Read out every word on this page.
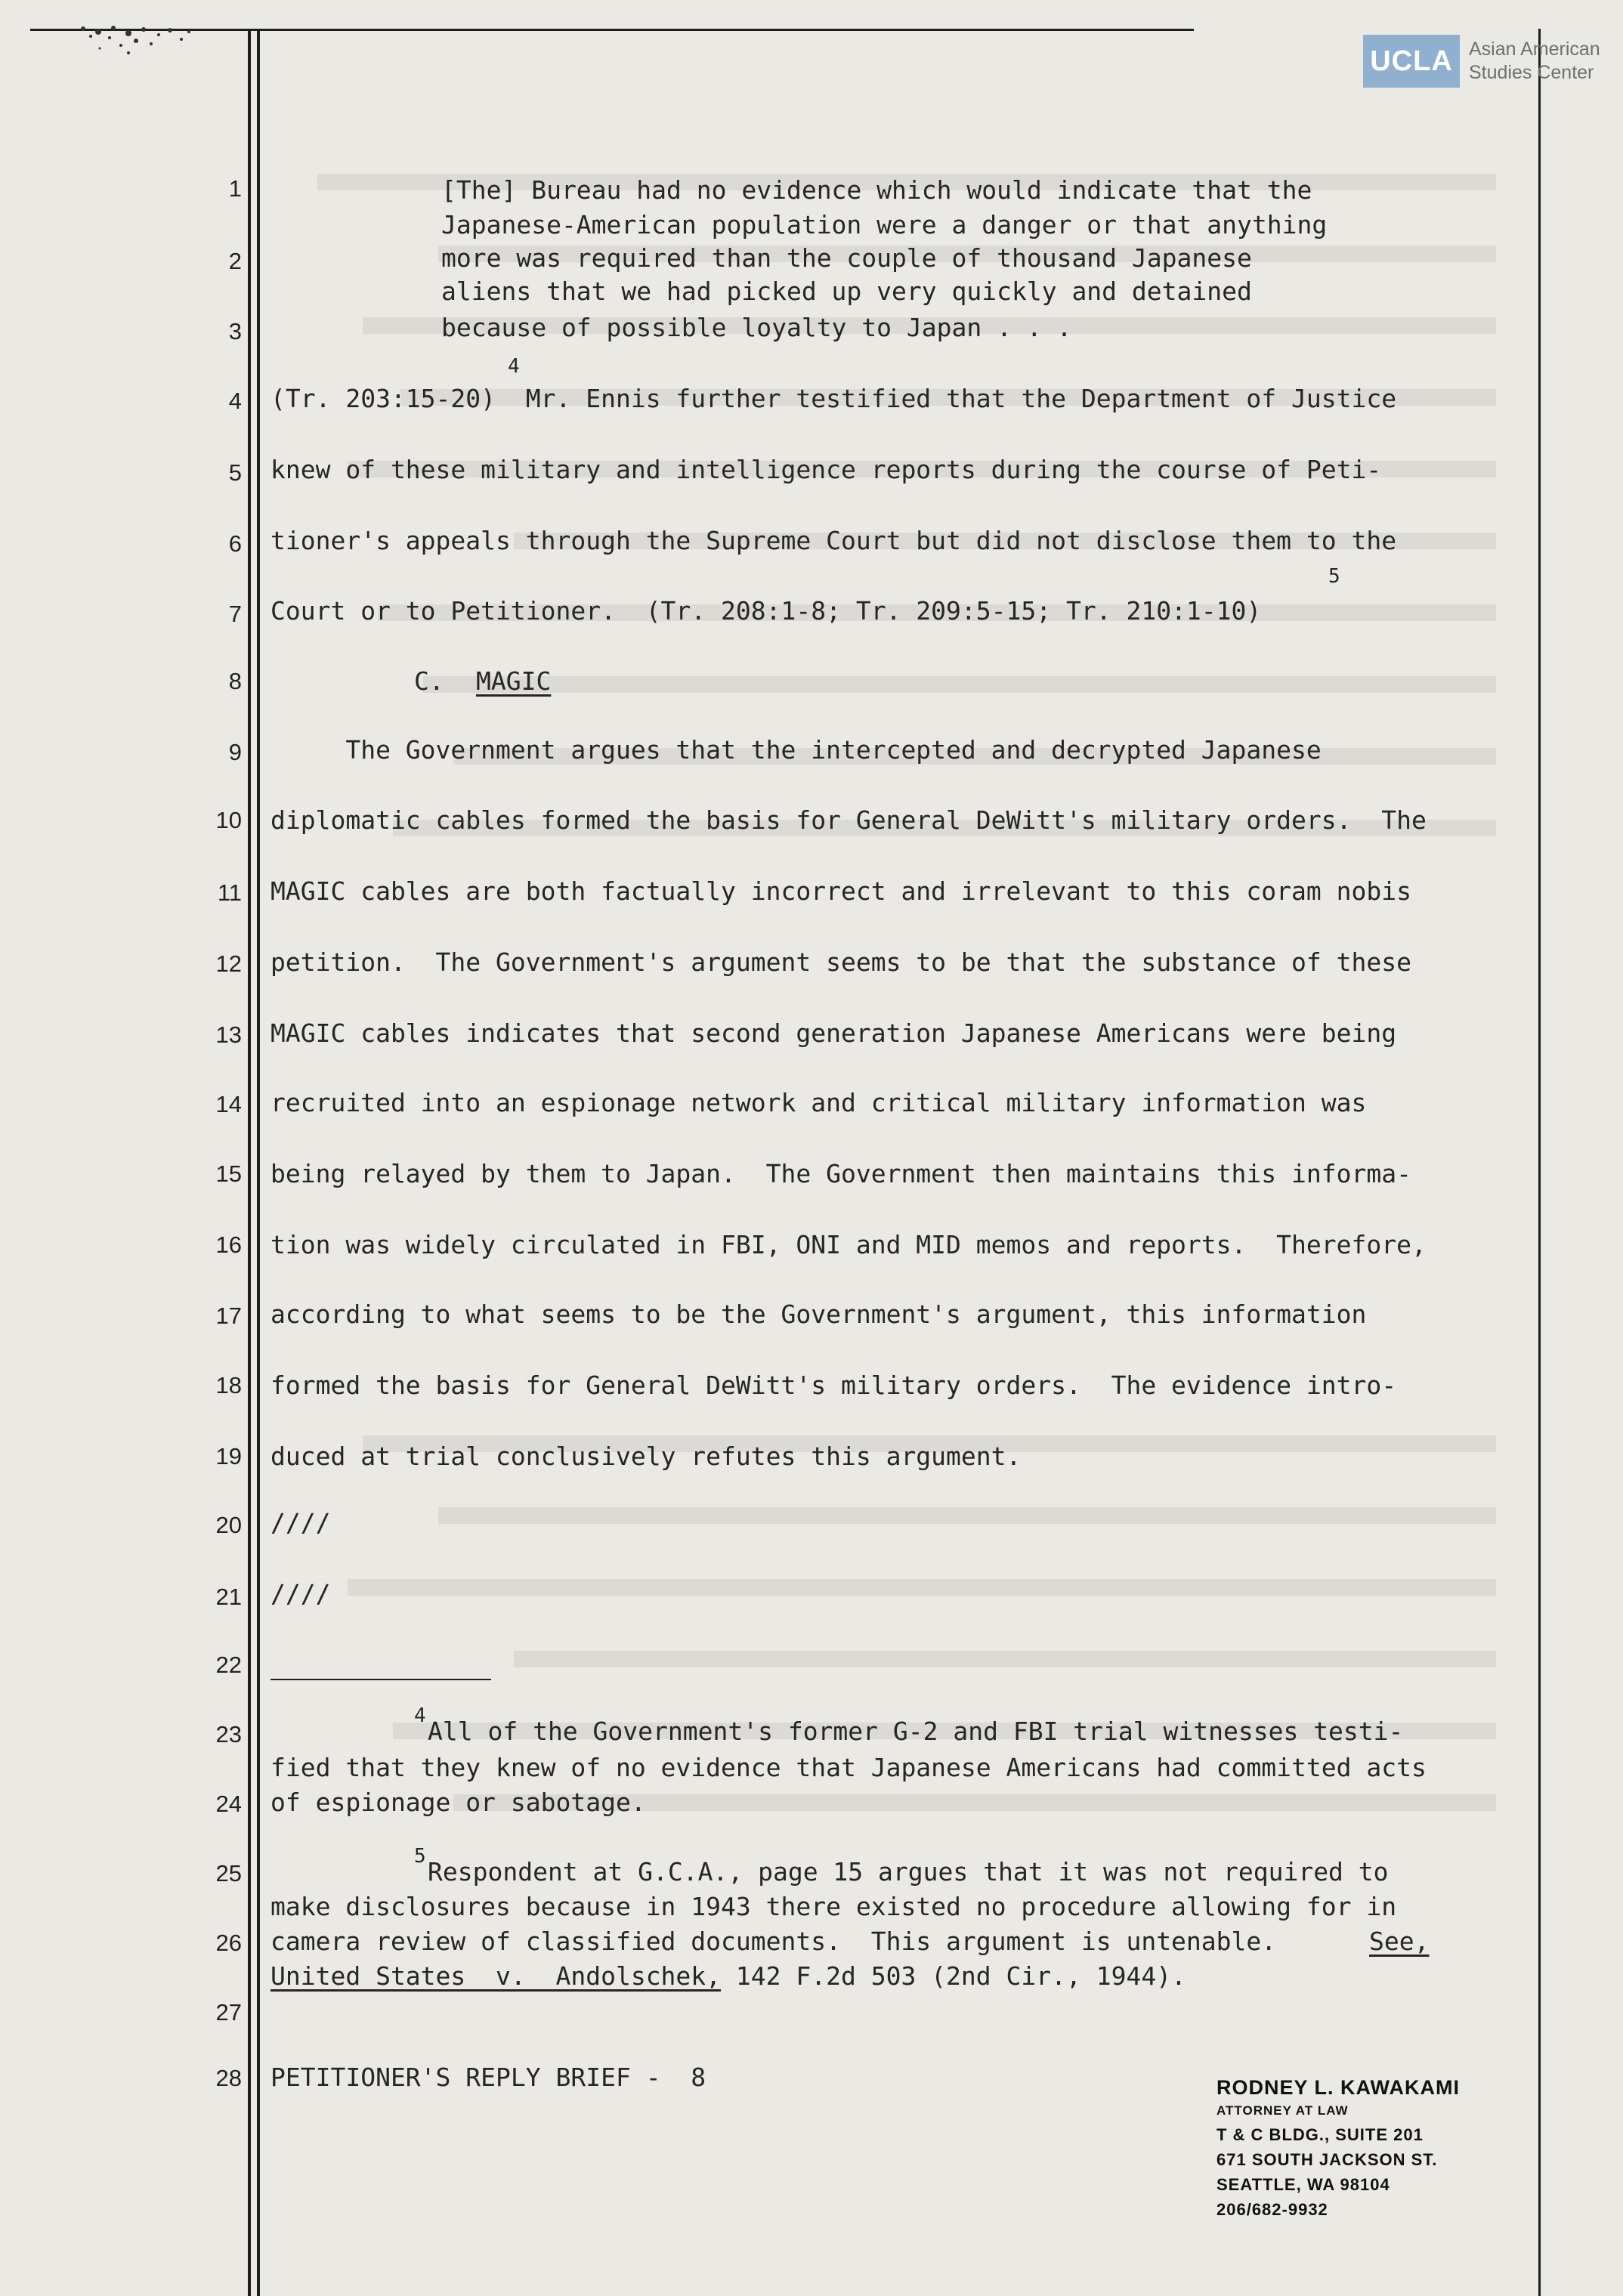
UCLA Asian American
Studies Center
1
2
3
4
5
6
7
8
9
10
11
12
13
14
15
16
17
18
19
20
21
22
23
24
25
26
27
28
[The] Bureau had no evidence which would indicate that the
Japanese-American population were a danger or that anything
more was required than the couple of thousand Japanese
aliens that we had picked up very quickly and detained
because of possible loyalty to Japan . . .
4
(Tr. 203:15-20)  Mr. Ennis further testified that the Department of Justice
knew of these military and intelligence reports during the course of Peti-
tioner's appeals through the Supreme Court but did not disclose them to the
Court or to Petitioner.  (Tr. 208:1-8; Tr. 209:5-15; Tr. 210:1-10)
5
C. MAGIC
The Government argues that the intercepted and decrypted Japanese
diplomatic cables formed the basis for General DeWitt's military orders.  The
MAGIC cables are both factually incorrect and irrelevant to this coram nobis
petition.  The Government's argument seems to be that the substance of these
MAGIC cables indicates that second generation Japanese Americans were being
recruited into an espionage network and critical military information was
being relayed by them to Japan.  The Government then maintains this informa-
tion was widely circulated in FBI, ONI and MID memos and reports.  Therefore,
according to what seems to be the Government's argument, this information
formed the basis for General DeWitt's military orders.  The evidence intro-
duced at trial conclusively refutes this argument.
////
////
4
All of the Government's former G-2 and FBI trial witnesses testi-
fied that they knew of no evidence that Japanese Americans had committed acts
of espionage or sabotage.
5
Respondent at G.C.A., page 15 argues that it was not required to
make disclosures because in 1943 there existed no procedure allowing for in
camera review of classified documents.  This argument is untenable.	See,
United States  v.  Andolschek, 142 F.2d 503 (2nd Cir., 1944).
PETITIONER'S REPLY BRIEF -  8	RODNEY L. KAWAKAMI
ATTORNEY AT LAW
T & C BLDG., SUITE 201
671 SOUTH JACKSON ST.
SEATTLE, WA 98104
206/682-9932
